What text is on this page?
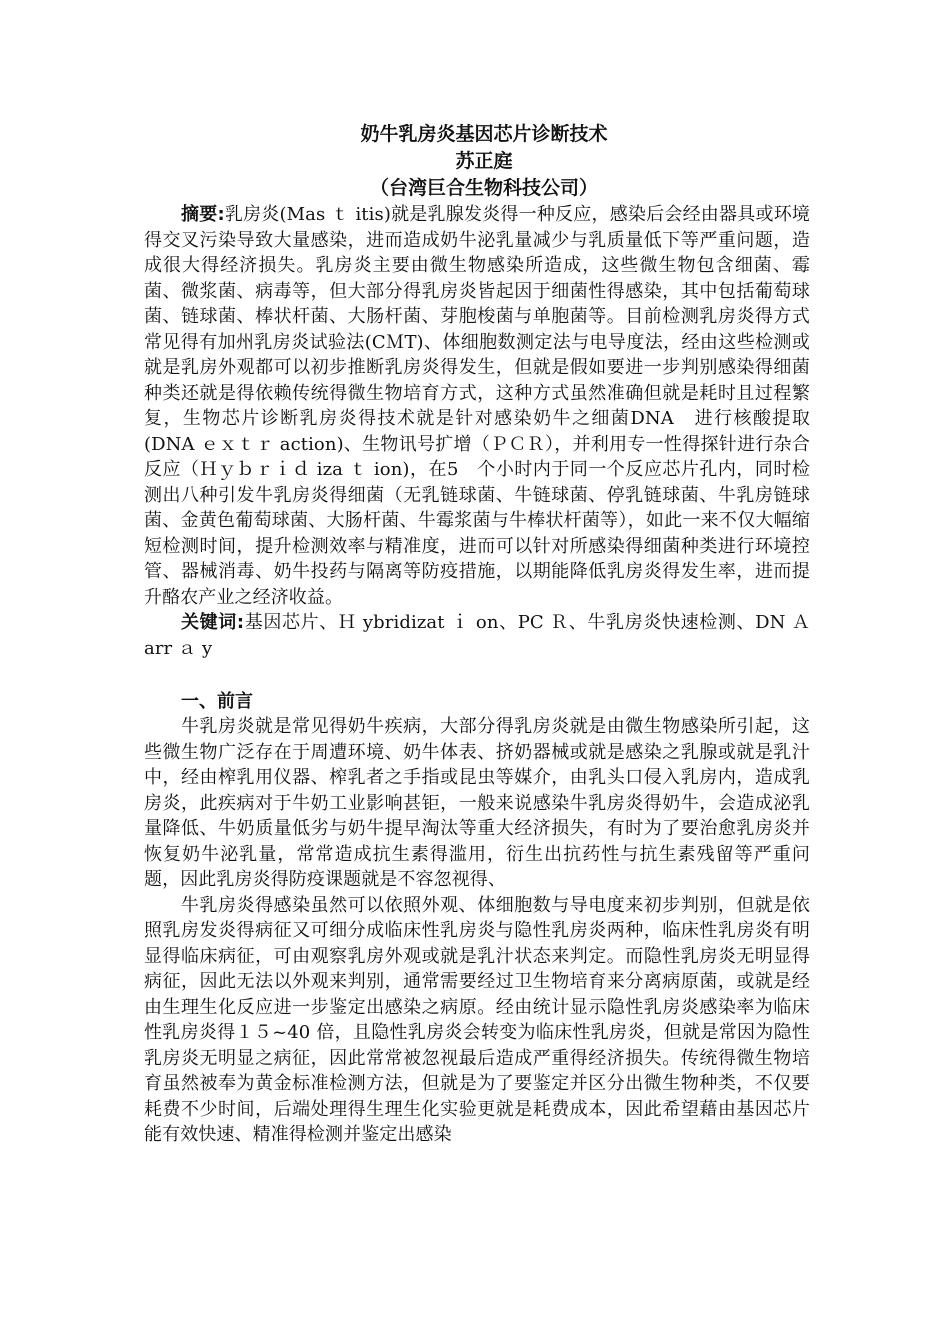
奶牛乳房炎基因芯片诊断技术
苏正庭
（台湾巨合生物科技公司）

摘要:乳房炎(Mas ｔ itis)就是乳腺发炎得一种反应，感染后会经由器具或环境得交叉污染导致大量感染，进而造成奶牛泌乳量减少与乳质量低下等严重问题，造成很大得经济损失。乳房炎主要由微生物感染所造成，这些微生物包含细菌、霉菌、微浆菌、病毒等，但大部分得乳房炎皆起因于细菌性得感染，其中包括葡萄球菌、链球菌、棒状杆菌、大肠杆菌、芽胞梭菌与单胞菌等。目前检测乳房炎得方式常见得有加州乳房炎试验法(CＭT)、体细胞数测定法与电导度法，经由这些检测或就是乳房外观都可以初步推断乳房炎得发生，但就是假如要进一步判别感染得细菌种类还就是得依赖传统得微生物培育方式，这种方式虽然准确但就是耗时且过程繁复，生物芯片诊断乳房炎得技术就是针对感染奶牛之细菌DNA　进行核酸提取(DNA ｅｘｔｒ action)、生物讯号扩增（ＰＣＲ），并利用专一性得探针进行杂合反应（Ｈｙｂｒｉｄ iza ｔ ion)，在5　个小时内于同一个反应芯片孔内，同时检测出八种引发牛乳房炎得细菌（无乳链球菌、牛链球菌、停乳链球菌、牛乳房链球菌、金黄色葡萄球菌、大肠杆菌、牛霉浆菌与牛棒状杆菌等），如此一来不仅大幅缩短检测时间，提升检测效率与精准度，进而可以针对所感染得细菌种类进行环境控管、器械消毒、奶牛投药与隔离等防疫措施，以期能降低乳房炎得发生率，进而提升酪农产业之经济收益。

关键词:基因芯片、Ｈ ybridizat ｉ on、PC Ｒ、牛乳房炎快速检测、DN Ａ arr ａ y

一、前言

牛乳房炎就是常见得奶牛疾病，大部分得乳房炎就是由微生物感染所引起，这些微生物广泛存在于周遭环境、奶牛体表、挤奶器械或就是感染之乳腺或就是乳汁中，经由榨乳用仪器、榨乳者之手指或昆虫等媒介，由乳头口侵入乳房内，造成乳房炎，此疾病对于牛奶工业影响甚钜，一般来说感染牛乳房炎得奶牛，会造成泌乳量降低、牛奶质量低劣与奶牛提早淘汰等重大经济损失，有时为了要治愈乳房炎并恢复奶牛泌乳量，常常造成抗生素得滥用，衍生出抗药性与抗生素残留等严重问题，因此乳房炎得防疫课题就是不容忽视得、

牛乳房炎得感染虽然可以依照外观、体细胞数与导电度来初步判别，但就是依照乳房发炎得病征又可细分成临床性乳房炎与隐性乳房炎两种，临床性乳房炎有明显得临床病征，可由观察乳房外观或就是乳汁状态来判定。而隐性乳房炎无明显得病征，因此无法以外观来判别，通常需要经过卫生物培育来分离病原菌，或就是经由生理生化反应进一步鉴定出感染之病原。经由统计显示隐性乳房炎感染率为临床性乳房炎得１５~40 倍，且隐性乳房炎会转变为临床性乳房炎，但就是常因为隐性乳房炎无明显之病征，因此常常被忽视最后造成严重得经济损失。传统得微生物培育虽然被奉为黄金标准检测方法，但就是为了要鉴定并区分出微生物种类，不仅要耗费不少时间，后端处理得生理生化实验更就是耗费成本，因此希望藉由基因芯片能有效快速、精准得检测并鉴定出感染
